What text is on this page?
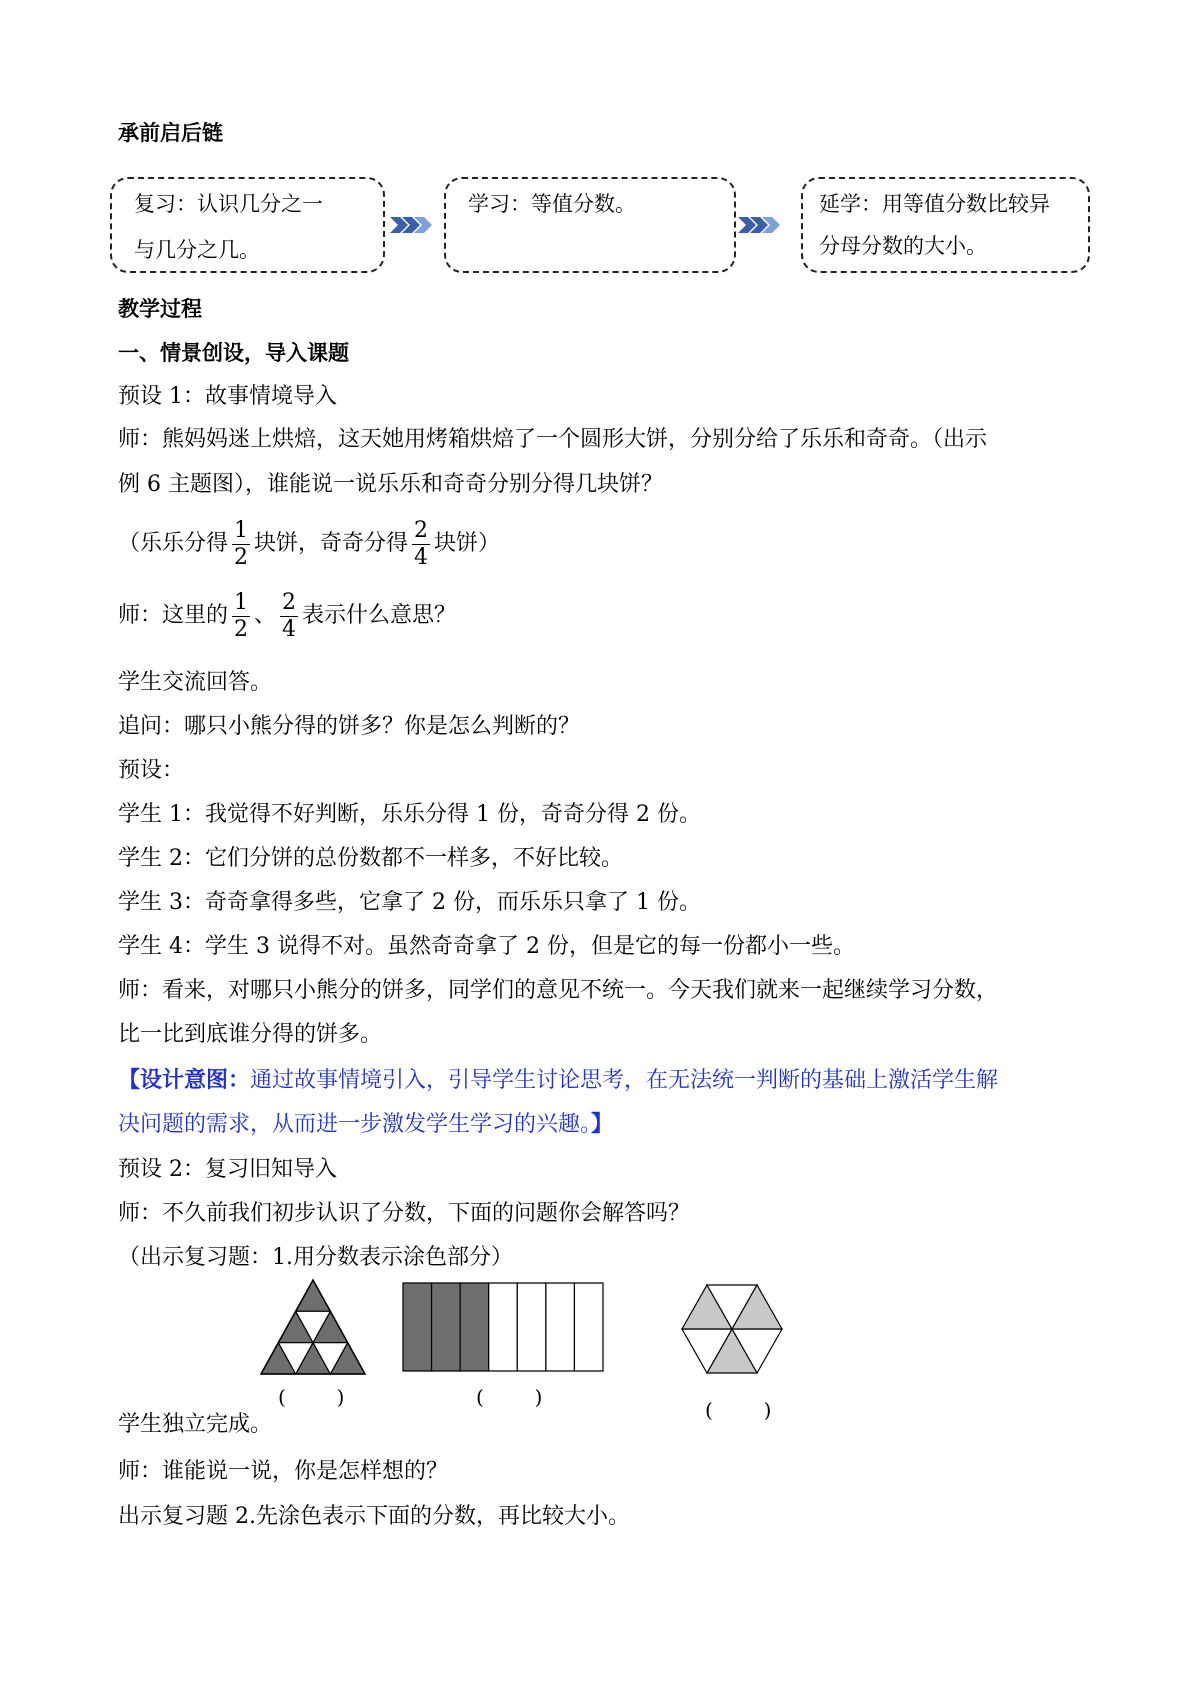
承前启后链
复习：认识几分之一
与几分之几。
学习：等值分数。	延学：用等值分数比较异
分母分数的大小。
教学过程
一、情景创设，导入课题
预设 1：故事情境导入
师：熊妈妈迷上烘焙，这天她用烤箱烘焙了一个圆形大饼，分别分给了乐乐和奇奇。（出示
例 6 主题图），谁能说一说乐乐和奇奇分别分得几块饼？
（乐乐分得 $\frac{1}{2}$ 块饼，奇奇分得 $\frac{2}{4}$ 块饼）
师：这里的 $\frac{1}{2}$ 、 $\frac{2}{4}$ 表示什么意思？
学生交流回答。
追问：哪只小熊分得的饼多？你是怎么判断的？
预设：
学生 1：我觉得不好判断，乐乐分得 1 份，奇奇分得 2 份。
学生 2：它们分饼的总份数都不一样多，不好比较。
学生 3：奇奇拿得多些，它拿了 2 份，而乐乐只拿了 1 份。
学生 4：学生 3 说得不对。虽然奇奇拿了 2 份，但是它的每一份都小一些。
师：看来，对哪只小熊分的饼多，同学们的意见不统一。今天我们就来一起继续学习分数，
比一比到底谁分得的饼多。
【设计意图：通过故事情境引入，引导学生讨论思考，在无法统一判断的基础上激活学生解
决问题的需求，从而进一步激发学生学习的兴趣。】
预设 2：复习旧知导入
师：不久前我们初步认识了分数，下面的问题你会解答吗？
（出示复习题：1.用分数表示涂色部分）
(        )	(        )
(        )
学生独立完成。
师：谁能说一说，你是怎样想的？
出示复习题 2.先涂色表示下面的分数，再比较大小。
